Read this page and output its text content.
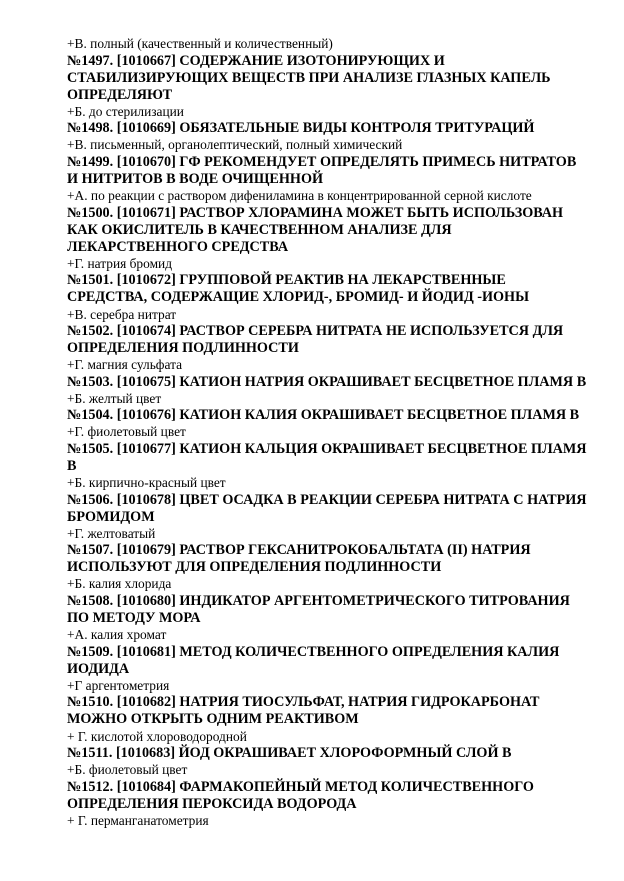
+В. полный (качественный и количественный)

№1497. [1010667] СОДЕРЖАНИЕ ИЗОТОНИРУЮЩИХ И СТАБИЛИЗИРУЮЩИХ ВЕЩЕСТВ ПРИ АНАЛИЗЕ ГЛАЗНЫХ КАПЕЛЬ ОПРЕДЕЛЯЮТ

+Б. до стерилизации

№1498. [1010669] ОБЯЗАТЕЛЬНЫЕ ВИДЫ КОНТРОЛЯ ТРИТУРАЦИЙ

+В. письменный, органолептический, полный химический

№1499. [1010670] ГФ РЕКОМЕНДУЕТ ОПРЕДЕЛЯТЬ ПРИМЕСЬ НИТРАТОВ И НИТРИТОВ В ВОДЕ ОЧИЩЕННОЙ

+А. по реакции с раствором дифениламина в концентрированной серной кислоте

№1500. [1010671] РАСТВОР ХЛОРАМИНА МОЖЕТ БЫТЬ ИСПОЛЬЗОВАН КАК ОКИСЛИТЕЛЬ В КАЧЕСТВЕННОМ АНАЛИЗЕ ДЛЯ ЛЕКАРСТВЕННОГО СРЕДСТВА

+Г. натрия бромид

№1501. [1010672] ГРУППОВОЙ РЕАКТИВ НА ЛЕКАРСТВЕННЫЕ СРЕДСТВА, СОДЕРЖАЩИЕ ХЛОРИД-, БРОМИД- И ЙОДИД -ИОНЫ

+В. серебра нитрат

№1502. [1010674] РАСТВОР СЕРЕБРА НИТРАТА НЕ ИСПОЛЬЗУЕТСЯ ДЛЯ ОПРЕДЕЛЕНИЯ ПОДЛИННОСТИ

+Г. магния сульфата

№1503. [1010675] КАТИОН НАТРИЯ ОКРАШИВАЕТ БЕСЦВЕТНОЕ ПЛАМЯ В

+Б. желтый цвет

№1504. [1010676] КАТИОН КАЛИЯ ОКРАШИВАЕТ БЕСЦВЕТНОЕ ПЛАМЯ В

+Г. фиолетовый цвет

№1505. [1010677] КАТИОН КАЛЬЦИЯ ОКРАШИВАЕТ БЕСЦВЕТНОЕ ПЛАМЯ В

+Б. кирпично-красный цвет

№1506. [1010678] ЦВЕТ ОСАДКА В РЕАКЦИИ СЕРЕБРА НИТРАТА С НАТРИЯ БРОМИДОМ

+Г. желтоватый

№1507. [1010679] РАСТВОР ГЕКСАНИТРОКОБАЛЬТАТА (II) НАТРИЯ ИСПОЛЬЗУЮТ ДЛЯ ОПРЕДЕЛЕНИЯ ПОДЛИННОСТИ

+Б. калия хлорида

№1508. [1010680] ИНДИКАТОР АРГЕНТОМЕТРИЧЕСКОГО ТИТРОВАНИЯ ПО МЕТОДУ МОРА

+А. калия хромат

№1509. [1010681] МЕТОД КОЛИЧЕСТВЕННОГО ОПРЕДЕЛЕНИЯ КАЛИЯ ИОДИДА

+Г аргентометрия

№1510. [1010682] НАТРИЯ ТИОСУЛЬФАТ, НАТРИЯ ГИДРОКАРБОНАТ МОЖНО ОТКРЫТЬ ОДНИМ РЕАКТИВОМ

+ Г. кислотой хлороводородной

№1511. [1010683] ЙОД ОКРАШИВАЕТ ХЛОРОФОРМНЫЙ СЛОЙ В

+Б. фиолетовый цвет

№1512. [1010684] ФАРМАКОПЕЙНЫЙ МЕТОД КОЛИЧЕСТВЕННОГО ОПРЕДЕЛЕНИЯ ПЕРОКСИДА ВОДОРОДА

+ Г. перманганатометрия
